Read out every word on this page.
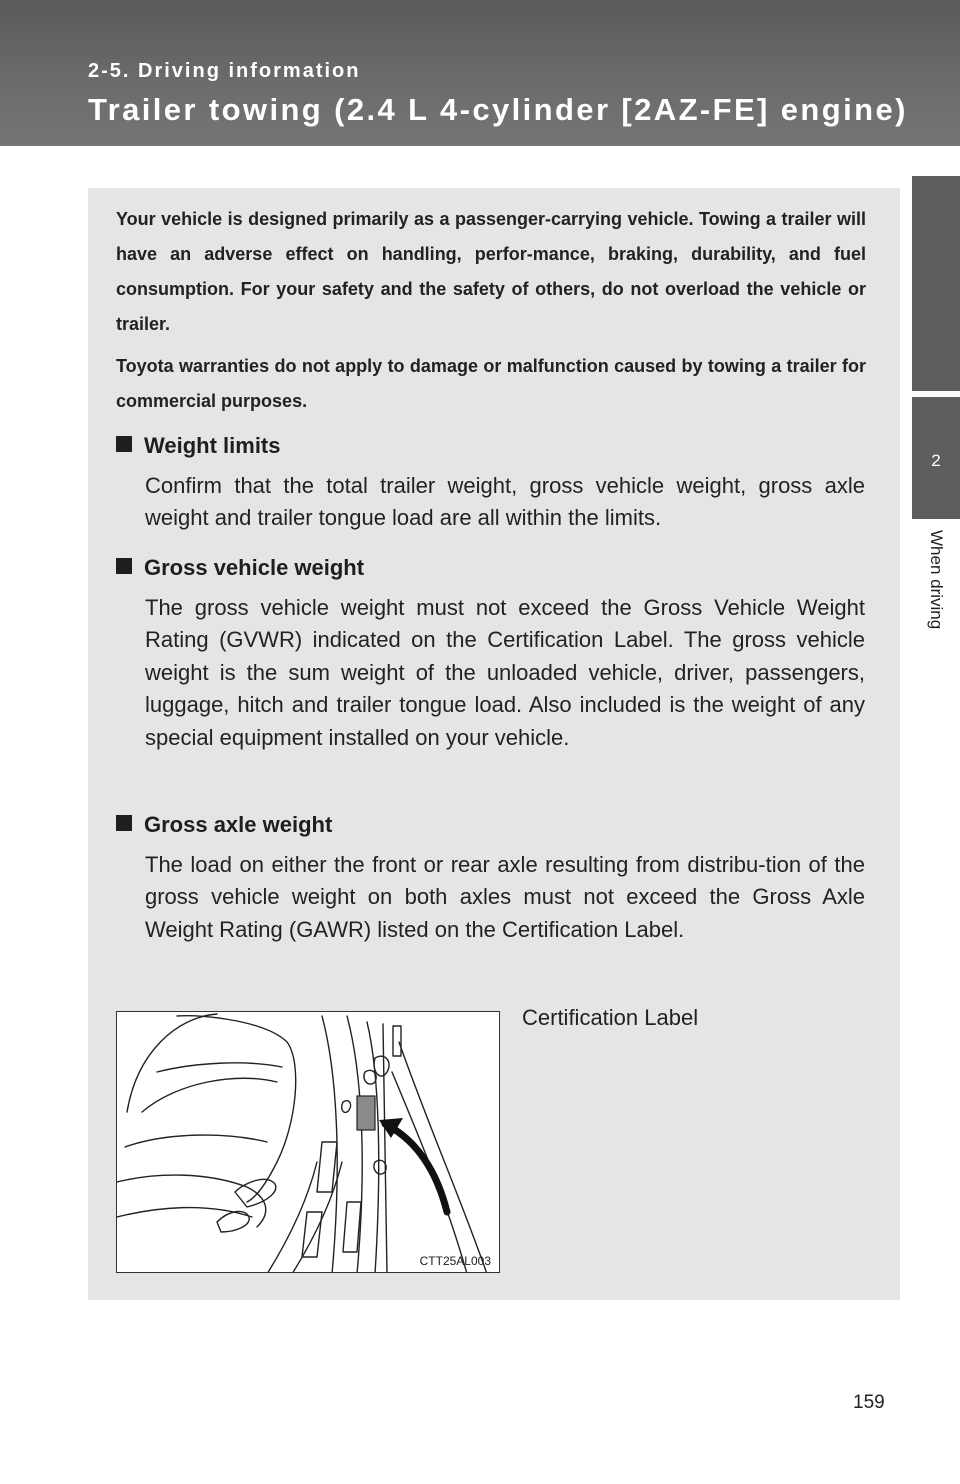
2-5. Driving information
Trailer towing (2.4 L 4-cylinder [2AZ-FE] engine)
2
When driving

Your vehicle is designed primarily as a passenger-carrying vehicle. Towing a trailer will have an adverse effect on handling, perfor-mance, braking, durability, and fuel consumption. For your safety and the safety of others, do not overload the vehicle or trailer.

Toyota warranties do not apply to damage or malfunction caused by towing a trailer for commercial purposes.

Weight limits

Confirm that the total trailer weight, gross vehicle weight, gross axle weight and trailer tongue load are all within the limits.

Gross vehicle weight

The gross vehicle weight must not exceed the Gross Vehicle Weight Rating (GVWR) indicated on the Certification Label. The gross vehicle weight is the sum weight of the unloaded vehicle, driver, passengers, luggage, hitch and trailer tongue load. Also included is the weight of any special equipment installed on your vehicle.

Gross axle weight

The load on either the front or rear axle resulting from distribu-tion of the gross vehicle weight on both axles must not exceed the Gross Axle Weight Rating (GAWR) listed on the Certification Label.

CTT25AL003
Certification Label
159
